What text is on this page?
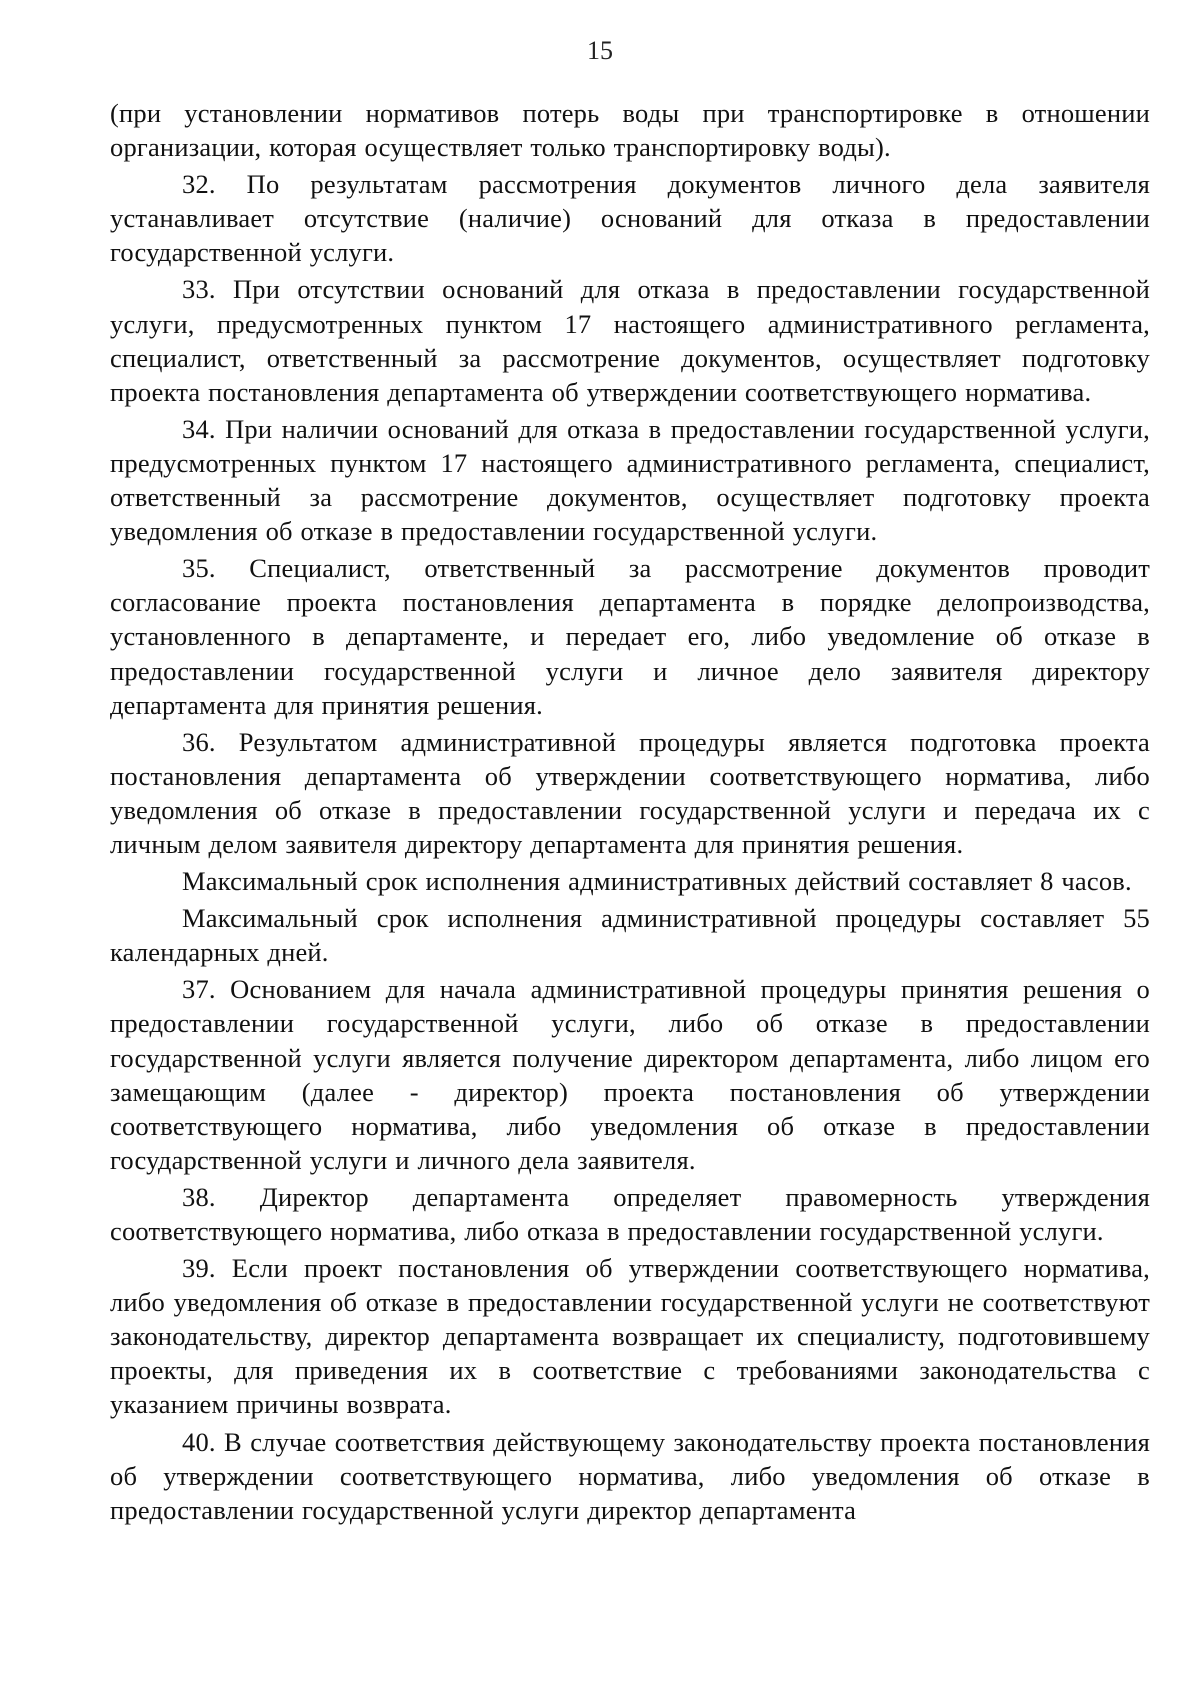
15

(при установлении нормативов потерь воды при транспортировке в отношении организации, которая осуществляет только транспортировку воды).

32. По результатам рассмотрения документов личного дела заявителя устанавливает отсутствие (наличие) оснований для отказа в предоставлении государственной услуги.

33. При отсутствии оснований для отказа в предоставлении государственной услуги, предусмотренных пунктом 17 настоящего административного регламента, специалист, ответственный за рассмотрение документов, осуществляет подготовку проекта постановления департамента об утверждении соответствующего норматива.

34. При наличии оснований для отказа в предоставлении государственной услуги, предусмотренных пунктом 17 настоящего административного регламента, специалист, ответственный за рассмотрение документов, осуществляет подготовку проекта уведомления об отказе в предоставлении государственной услуги.

35. Специалист, ответственный за рассмотрение документов проводит согласование проекта постановления департамента в порядке делопроизводства, установленного в департаменте, и передает его, либо уведомление об отказе в предоставлении государственной услуги и личное дело заявителя директору департамента для принятия решения.

36. Результатом административной процедуры является подготовка проекта постановления департамента об утверждении соответствующего норматива, либо уведомления об отказе в предоставлении государственной услуги и передача их с личным делом заявителя директору департамента для принятия решения.

Максимальный срок исполнения административных действий составляет 8 часов.

Максимальный срок исполнения административной процедуры составляет 55 календарных дней.

37. Основанием для начала административной процедуры принятия решения о предоставлении государственной услуги, либо об отказе в предоставлении государственной услуги является получение директором департамента, либо лицом его замещающим (далее - директор) проекта постановления об утверждении соответствующего норматива, либо уведомления об отказе в предоставлении государственной услуги и личного дела заявителя.

38. Директор департамента определяет правомерность утверждения соответствующего норматива, либо отказа в предоставлении государственной услуги.

39. Если проект постановления об утверждении соответствующего норматива, либо уведомления об отказе в предоставлении государственной услуги не соответствуют законодательству, директор департамента возвращает их специалисту, подготовившему проекты, для приведения их в соответствие с требованиями законодательства с указанием причины возврата.

40. В случае соответствия действующему законодательству проекта постановления об утверждении соответствующего норматива, либо уведомления об отказе в предоставлении государственной услуги директор департамента
